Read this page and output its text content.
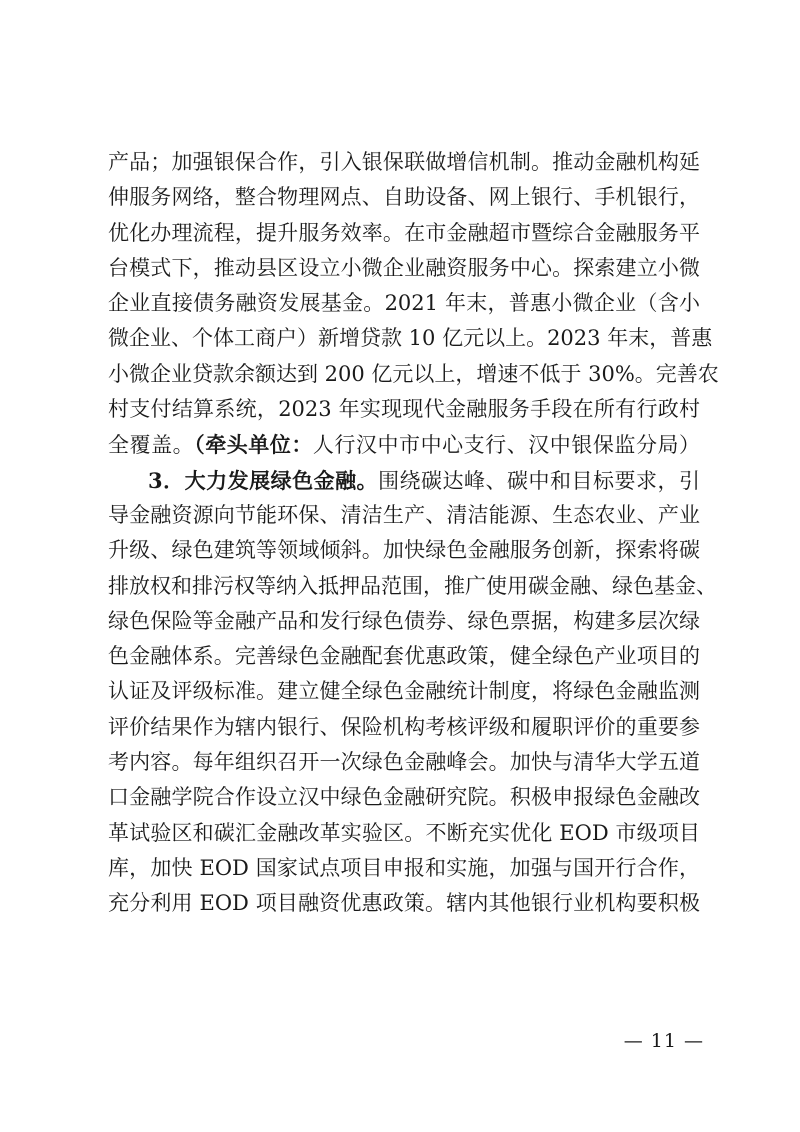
产品；加强银保合作，引入银保联做增信机制。推动金融机构延
伸服务网络，整合物理网点、自助设备、网上银行、手机银行，
优化办理流程，提升服务效率。在市金融超市暨综合金融服务平
台模式下，推动县区设立小微企业融资服务中心。探索建立小微
企业直接债务融资发展基金。2021 年末，普惠小微企业（含小
微企业、个体工商户）新增贷款 10 亿元以上。2023 年末，普惠
小微企业贷款余额达到 200 亿元以上，增速不低于 30%。完善农
村支付结算系统，2023 年实现现代金融服务手段在所有行政村
全覆盖。（牵头单位：人行汉中市中心支行、汉中银保监分局）
3．大力发展绿色金融。围绕碳达峰、碳中和目标要求，引
导金融资源向节能环保、清洁生产、清洁能源、生态农业、产业
升级、绿色建筑等领域倾斜。加快绿色金融服务创新，探索将碳
排放权和排污权等纳入抵押品范围，推广使用碳金融、绿色基金、
绿色保险等金融产品和发行绿色债券、绿色票据，构建多层次绿
色金融体系。完善绿色金融配套优惠政策，健全绿色产业项目的
认证及评级标准。建立健全绿色金融统计制度，将绿色金融监测
评价结果作为辖内银行、保险机构考核评级和履职评价的重要参
考内容。每年组织召开一次绿色金融峰会。加快与清华大学五道
口金融学院合作设立汉中绿色金融研究院。积极申报绿色金融改
革试验区和碳汇金融改革实验区。不断充实优化 EOD 市级项目
库，加快 EOD 国家试点项目申报和实施，加强与国开行合作，
充分利用 EOD 项目融资优惠政策。辖内其他银行业机构要积极
— 11 —
